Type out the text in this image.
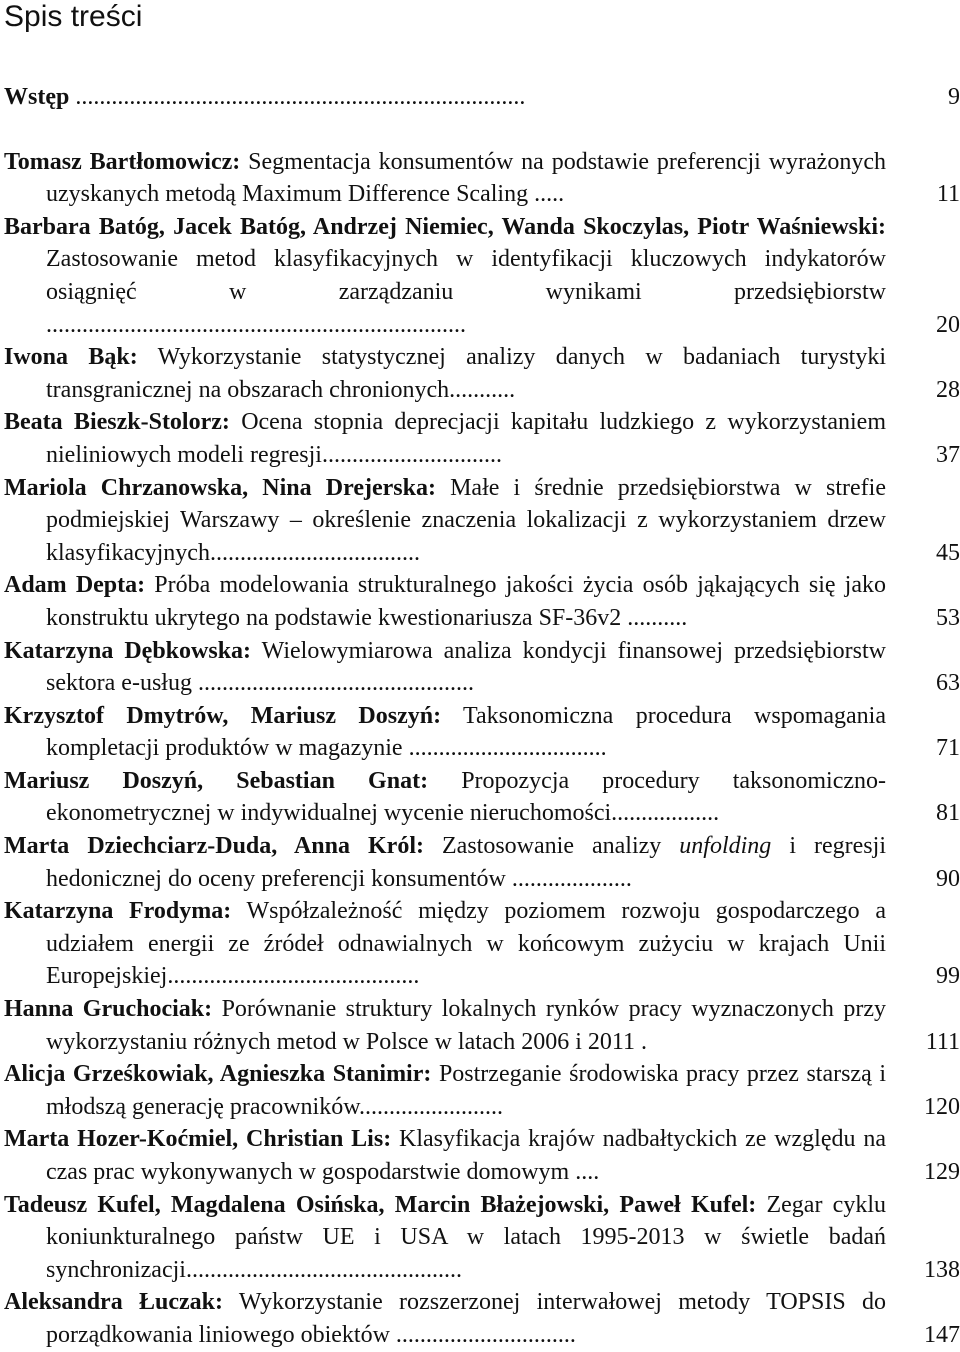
Spis treści
Wstęp ...........................................................................	9
Tomasz Bartłomowicz: Segmentacja konsumentów na podstawie preferencji wyrażonych uzyskanych metodą Maximum Difference Scaling .....	11
Barbara Batóg, Jacek Batóg, Andrzej Niemiec, Wanda Skoczylas, Piotr Waśniewski: Zastosowanie metod klasyfikacyjnych w identyfikacji kluczowych indykatorów osiągnięć w zarządzaniu wynikami przedsiębiorstw ......................................................................	20
Iwona Bąk: Wykorzystanie statystycznej analizy danych w badaniach turystyki transgranicznej na obszarach chronionych...........	28
Beata Bieszk-Stolorz: Ocena stopnia deprecjacji kapitału ludzkiego z wykorzystaniem nieliniowych modeli regresji..............................	37
Mariola Chrzanowska, Nina Drejerska: Małe i średnie przedsiębiorstwa w strefie podmiejskiej Warszawy – określenie znaczenia lokalizacji z wykorzystaniem drzew klasyfikacyjnych...................................	45
Adam Depta: Próba modelowania strukturalnego jakości życia osób jąkających się jako konstruktu ukrytego na podstawie kwestionariusza SF-36v2 ..........	53
Katarzyna Dębkowska: Wielowymiarowa analiza kondycji finansowej przedsiębiorstw sektora e-usług ..............................................	63
Krzysztof Dmytrów, Mariusz Doszyń: Taksonomiczna procedura wspomagania kompletacji produktów w magazynie .................................	71
Mariusz Doszyń, Sebastian Gnat: Propozycja procedury taksonomiczno-ekonometrycznej w indywidualnej wycenie nieruchomości..................	81
Marta Dziechciarz-Duda, Anna Król: Zastosowanie analizy unfolding i regresji hedonicznej do oceny preferencji konsumentów ....................	90
Katarzyna Frodyma: Współzależność między poziomem rozwoju gospodarczego a udziałem energii ze źródeł odnawialnych w końcowym zużyciu w krajach Unii Europejskiej..........................................	99
Hanna Gruchociak: Porównanie struktury lokalnych rynków pracy wyznaczonych przy wykorzystaniu różnych metod w Polsce w latach 2006 i 2011 .	111
Alicja Grześkowiak, Agnieszka Stanimir: Postrzeganie środowiska pracy przez starszą i młodszą generację pracowników........................	120
Marta Hozer-Koćmiel, Christian Lis: Klasyfikacja krajów nadbałtyckich ze względu na czas prac wykonywanych w gospodarstwie domowym ....	129
Tadeusz Kufel, Magdalena Osińska, Marcin Błażejowski, Paweł Kufel: Zegar cyklu koniunkturalnego państw UE i USA w latach 1995-2013 w świetle badań synchronizacji..............................................	138
Aleksandra Łuczak: Wykorzystanie rozszerzonej interwałowej metody TOPSIS do porządkowania liniowego obiektów ..............................	147
